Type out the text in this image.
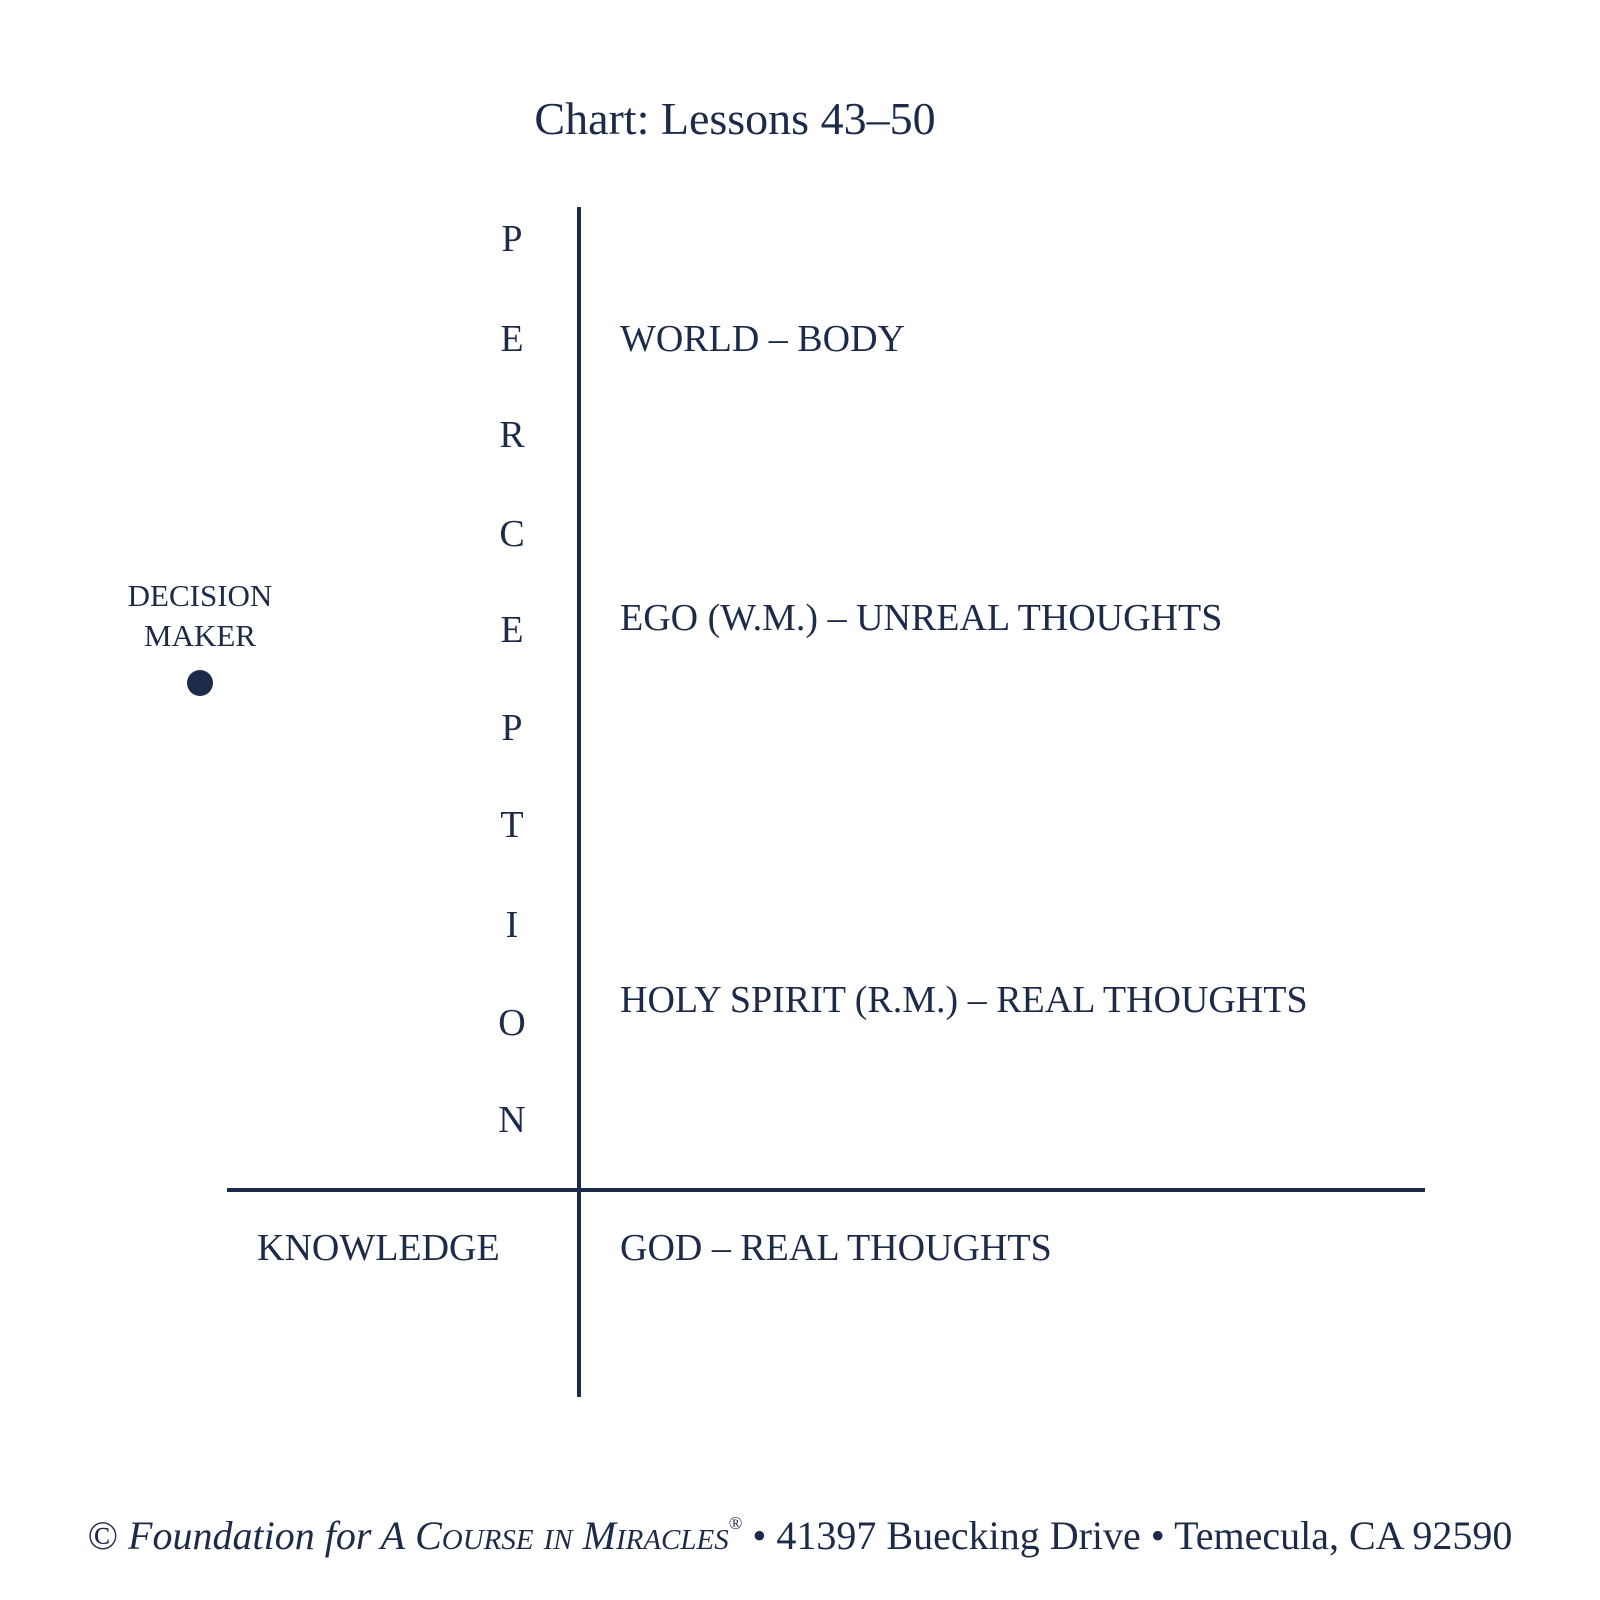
Chart: Lessons 43–50
P
E
R
C
E
P
T
I
O
N
WORLD – BODY
EGO (W.M.) – UNREAL THOUGHTS
HOLY SPIRIT (R.M.) – REAL THOUGHTS
KNOWLEDGE	GOD – REAL THOUGHTS
DECISION
MAKER
© Foundation for A COURSE IN MIRACLES® • 41397 Buecking Drive • Temecula, CA 92590
